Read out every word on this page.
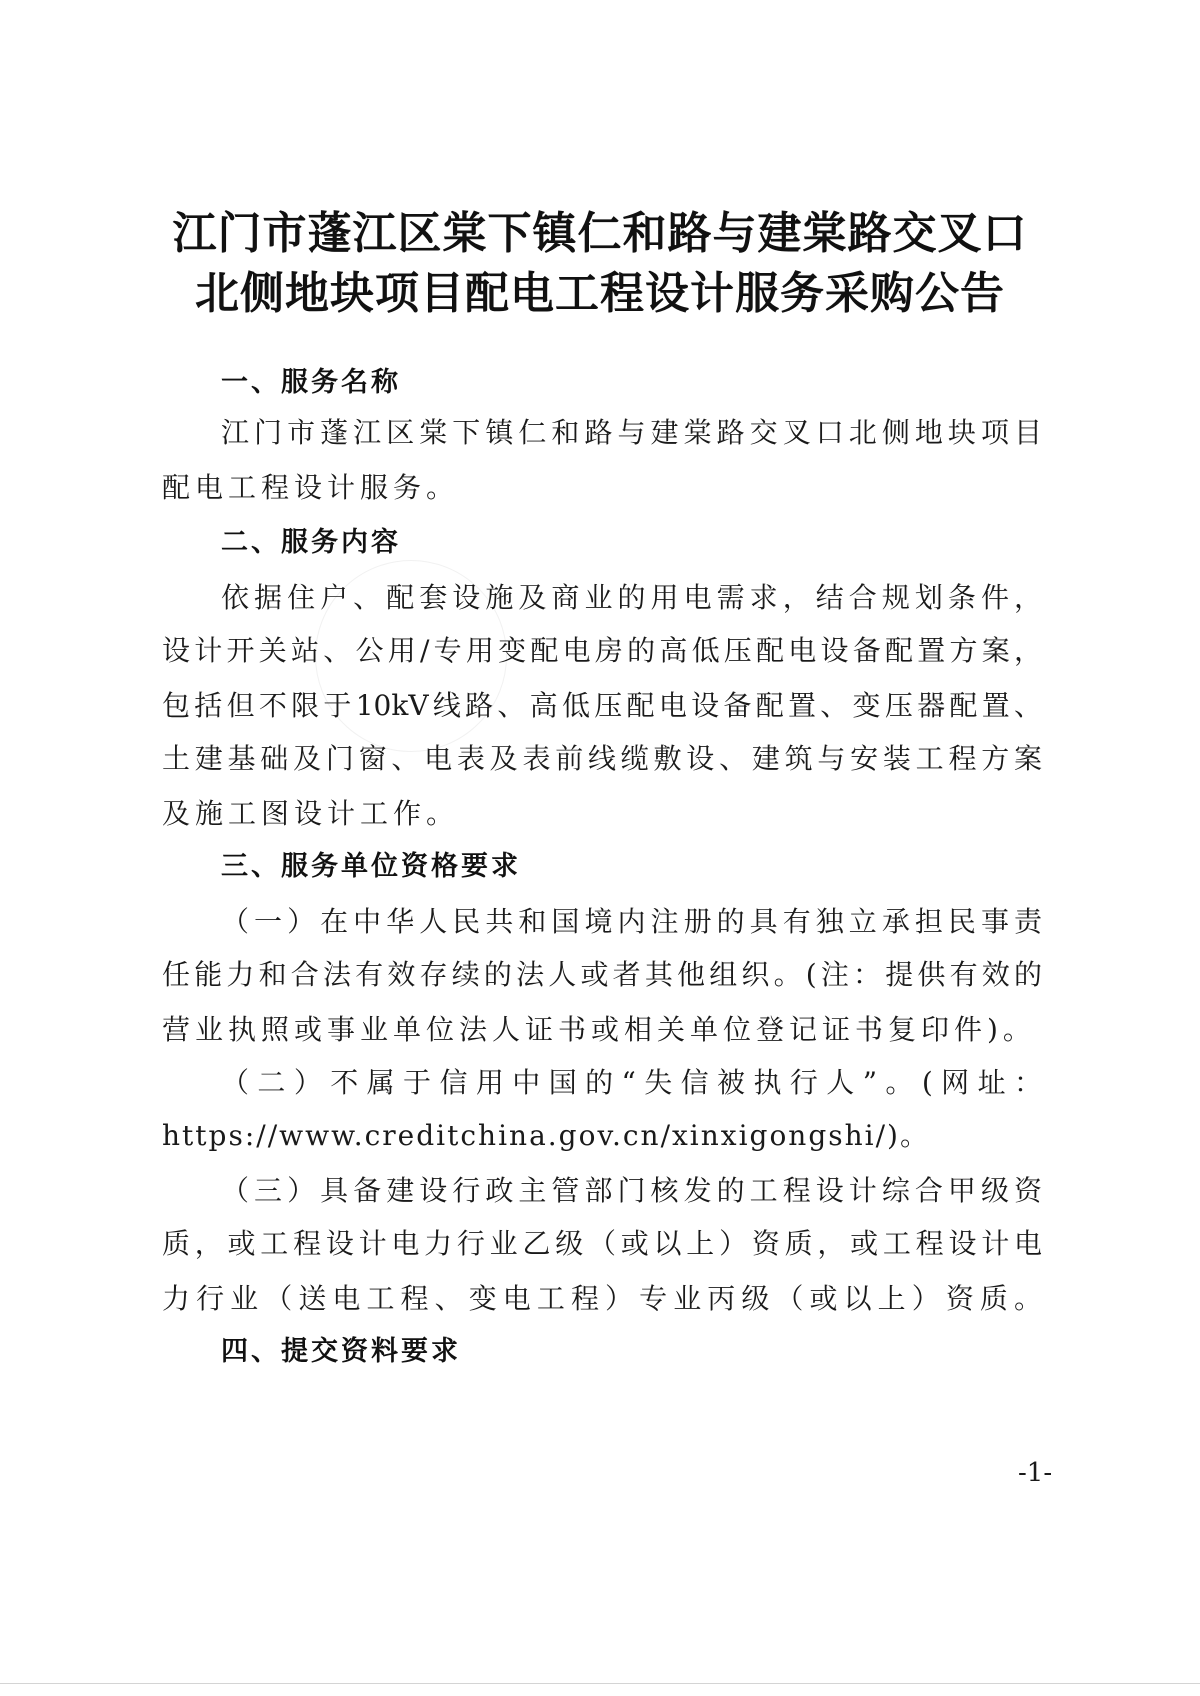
江门市蓬江区棠下镇仁和路与建棠路交叉口
北侧地块项目配电工程设计服务采购公告
一、服务名称
江门市蓬江区棠下镇仁和路与建棠路交叉口北侧地块项目
配电工程设计服务。
二、服务内容
依据住户、配套设施及商业的用电需求，结合规划条件，
设计开关站、公用/专用变配电房的高低压配电设备配置方案，
包括但不限于10kV线路、高低压配电设备配置、变压器配置、
土建基础及门窗、电表及表前线缆敷设、建筑与安装工程方案
及施工图设计工作。
三、服务单位资格要求
（一）在中华人民共和国境内注册的具有独立承担民事责
任能力和合法有效存续的法人或者其他组织。(注：提供有效的
营业执照或事业单位法人证书或相关单位登记证书复印件)。
（二）不属于信用中国的“失信被执行人”。(网址：
https://www.creditchina.gov.cn/xinxigongshi/)。
（三）具备建设行政主管部门核发的工程设计综合甲级资
质，或工程设计电力行业乙级（或以上）资质，或工程设计电
力行业（送电工程、变电工程）专业丙级（或以上）资质。
四、提交资料要求
-1-
